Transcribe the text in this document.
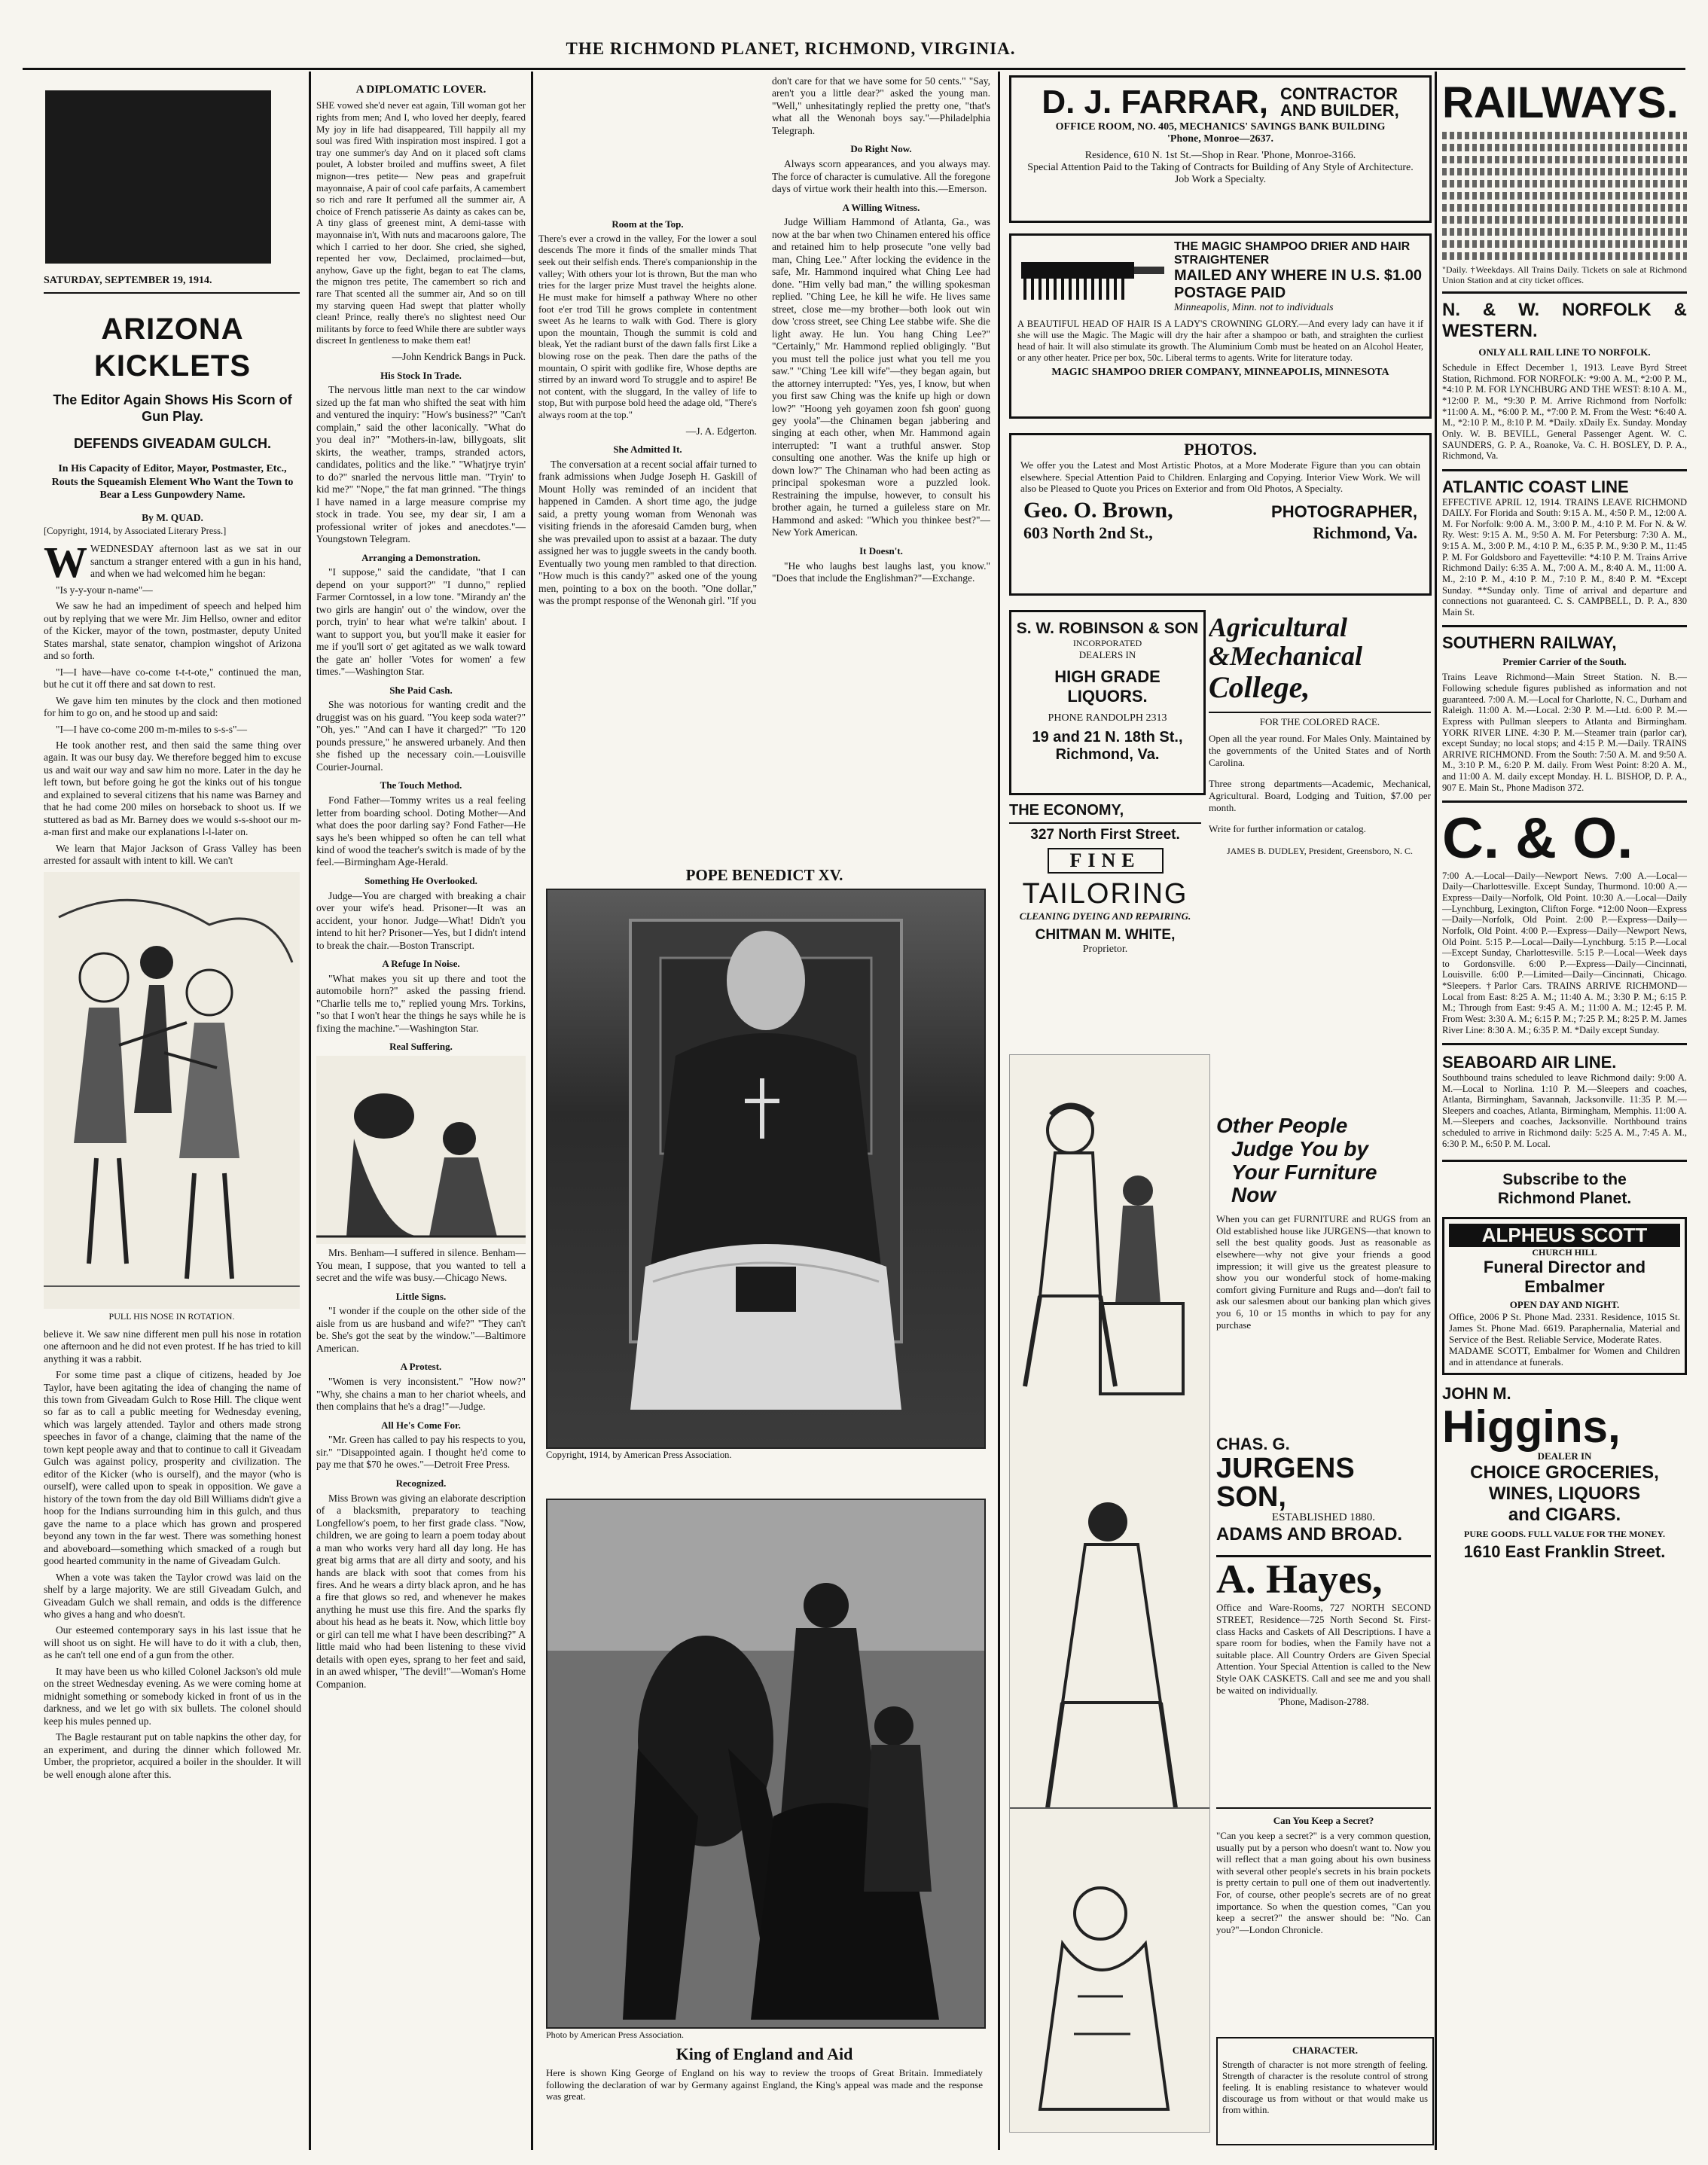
THE RICHMOND PLANET, RICHMOND, VIRGINIA.
SATURDAY, SEPTEMBER 19, 1914.
ARIZONA KICKLETS
The Editor Again Shows His Scorn of Gun Play.
DEFENDS GIVEADAM GULCH.
In His Capacity of Editor, Mayor, Postmaster, Etc., Routs the Squeamish Element Who Want the Town to Bear a Less Gunpowdery Name.
By M. QUAD.
[Copyright, 1914, by Associated Literary Press.]

WWEDNESDAY afternoon last as we sat in our sanctum a stranger entered with a gun in his hand, and when we had welcomed him he began:

"Is y-y-your n-name"—

We saw he had an impediment of speech and helped him out by replying that we were Mr. Jim Hellso, owner and editor of the Kicker, mayor of the town, postmaster, deputy United States marshal, state senator, champion wingshot of Arizona and so forth.

"I—I have—have co-come t-t-t-ote," continued the man, but he cut it off there and sat down to rest.

We gave him ten minutes by the clock and then motioned for him to go on, and he stood up and said:

"I—I have co-come 200 m-m-miles to s-s-s"—

He took another rest, and then said the same thing over again. It was our busy day. We therefore begged him to excuse us and wait our way and saw him no more. Later in the day he left town, but before going he got the kinks out of his tongue and explained to several citizens that his name was Barney and that he had come 200 miles on horseback to shoot us. If we stuttered as bad as Mr. Barney does we would s-s-shoot our m-a-man first and make our explanations l-l-later on.

We learn that Major Jackson of Grass Valley has been arrested for assault with intent to kill. We can't

PULL HIS NOSE IN ROTATION.

believe it. We saw nine different men pull his nose in rotation one afternoon and he did not even protest. If he has tried to kill anything it was a rabbit.

For some time past a clique of citizens, headed by Joe Taylor, have been agitating the idea of changing the name of this town from Giveadam Gulch to Rose Hill. The clique went so far as to call a public meeting for Wednesday evening, which was largely attended. Taylor and others made strong speeches in favor of a change, claiming that the name of the town kept people away and that to continue to call it Giveadam Gulch was against policy, prosperity and civilization. The editor of the Kicker (who is ourself), and the mayor (who is ourself), were called upon to speak in opposition. We gave a history of the town from the day old Bill Williams didn't give a hoop for the Indians surrounding him in this gulch, and thus gave the name to a place which has grown and prospered beyond any town in the far west. There was something honest and aboveboard—something which smacked of a rough but good hearted community in the name of Giveadam Gulch.

When a vote was taken the Taylor crowd was laid on the shelf by a large majority. We are still Giveadam Gulch, and Giveadam Gulch we shall remain, and odds is the difference who gives a hang and who doesn't.

Our esteemed contemporary says in his last issue that he will shoot us on sight. He will have to do it with a club, then, as he can't tell one end of a gun from the other.

It may have been us who killed Colonel Jackson's old mule on the street Wednesday evening. As we were coming home at midnight something or somebody kicked in front of us in the darkness, and we let go with six bullets. The colonel should keep his mules penned up.

The Bagle restaurant put on table napkins the other day, for an experiment, and during the dinner which followed Mr. Umber, the proprietor, acquired a boiler in the shoulder. It will be well enough alone after this.

A DIPLOMATIC LOVER.

SHE vowed she'd never eat again, Till woman got her rights from men; And I, who loved her deeply, feared My joy in life had disappeared, Till happily all my soul was fired With inspiration most inspired. I got a tray one summer's day And on it placed soft clams poulet, A lobster broiled and muffins sweet, A filet mignon—tres petite— New peas and grapefruit mayonnaise, A pair of cool cafe parfaits, A camembert so rich and rare It perfumed all the summer air, A choice of French patisserie As dainty as cakes can be, A tiny glass of greenest mint, A demi-tasse with mayonnaise in't, With nuts and macaroons galore, The which I carried to her door. She cried, she sighed, repented her vow, Declaimed, proclaimed—but, anyhow, Gave up the fight, began to eat The clams, the mignon tres petite, The camembert so rich and rare That scented all the summer air, And so on till my starving queen Had swept that platter wholly clean! Prince, really there's no slightest need Our militants by force to feed While there are subtler ways discreet In gentleness to make them eat!

—John Kendrick Bangs in Puck.
His Stock In Trade.

The nervous little man next to the car window sized up the fat man who shifted the seat with him and ventured the inquiry: "How's business?" "Can't complain," said the other laconically. "What do you deal in?" "Mothers-in-law, billygoats, slit skirts, the weather, tramps, stranded actors, candidates, politics and the like." "Whatjrye tryin' to do?" snarled the nervous little man. "Tryin' to kid me?" "Nope," the fat man grinned. "The things I have named in a large measure comprise my stock in trade. You see, my dear sir, I am a professional writer of jokes and anecdotes."—Youngstown Telegram.

Arranging a Demonstration.

"I suppose," said the candidate, "that I can depend on your support?" "I dunno," replied Farmer Corntossel, in a low tone. "Mirandy an' the two girls are hangin' out o' the window, over the porch, tryin' to hear what we're talkin' about. I want to support you, but you'll make it easier for me if you'll sort o' get agitated as we walk toward the gate an' holler 'Votes for women' a few times."—Washington Star.

She Paid Cash.

She was notorious for wanting credit and the druggist was on his guard. "You keep soda water?" "Oh, yes." "And can I have it charged?" "To 120 pounds pressure," he answered urbanely. And then she fished up the necessary coin.—Louisville Courier-Journal.

The Touch Method.

Fond Father—Tommy writes us a real feeling letter from boarding school. Doting Mother—And what does the poor darling say? Fond Father—He says he's been whipped so often he can tell what kind of wood the teacher's switch is made of by the feel.—Birmingham Age-Herald.

Something He Overlooked.

Judge—You are charged with breaking a chair over your wife's head. Prisoner—It was an accident, your honor. Judge—What! Didn't you intend to hit her? Prisoner—Yes, but I didn't intend to break the chair.—Boston Transcript.

A Refuge In Noise.

"What makes you sit up there and toot the automobile horn?" asked the passing friend. "Charlie tells me to," replied young Mrs. Torkins, "so that I won't hear the things he says while he is fixing the machine."—Washington Star.

Real Suffering.

Mrs. Benham—I suffered in silence. Benham—You mean, I suppose, that you wanted to tell a secret and the wife was busy.—Chicago News.

Little Signs.

"I wonder if the couple on the other side of the aisle from us are husband and wife?" "They can't be. She's got the seat by the window."—Baltimore American.

A Protest.

"Women is very inconsistent." "How now?" "Why, she chains a man to her chariot wheels, and then complains that he's a drag!"—Judge.

All He's Come For.

"Mr. Green has called to pay his respects to you, sir." "Disappointed again. I thought he'd come to pay me that $70 he owes."—Detroit Free Press.

Recognized.

Miss Brown was giving an elaborate description of a blacksmith, preparatory to teaching Longfellow's poem, to her first grade class. "Now, children, we are going to learn a poem today about a man who works very hard all day long. He has great big arms that are all dirty and sooty, and his hands are black with soot that comes from his fires. And he wears a dirty black apron, and he has a fire that glows so red, and whenever he makes anything he must use this fire. And the sparks fly about his head as he beats it. Now, which little boy or girl can tell me what I have been describing?" A little maid who had been listening to these vivid details with open eyes, sprang to her feet and said, in an awed whisper, "The devil!"—Woman's Home Companion.

Room at the Top.

There's ever a crowd in the valley, For the lower a soul descends The more it finds of the smaller minds That seek out their selfish ends. There's companionship in the valley; With others your lot is thrown, But the man who tries for the larger prize Must travel the heights alone. He must make for himself a pathway Where no other foot e'er trod Till he grows complete in contentment sweet As he learns to walk with God. There is glory upon the mountain, Though the summit is cold and bleak, Yet the radiant burst of the dawn falls first Like a blowing rose on the peak. Then dare the paths of the mountain, O spirit with godlike fire, Whose depths are stirred by an inward word To struggle and to aspire! Be not content, with the sluggard, In the valley of life to stop, But with purpose bold heed the adage old, "There's always room at the top."

—J. A. Edgerton.
She Admitted It.

The conversation at a recent social affair turned to frank admissions when Judge Joseph H. Gaskill of Mount Holly was reminded of an incident that happened in Camden. A short time ago, the judge said, a pretty young woman from Wenonah was visiting friends in the aforesaid Camden burg, when she was prevailed upon to assist at a bazaar. The duty assigned her was to juggle sweets in the candy booth. Eventually two young men rambled to that direction. "How much is this candy?" asked one of the young men, pointing to a box on the booth. "One dollar," was the prompt response of the Wenonah girl. "If you

don't care for that we have some for 50 cents." "Say, aren't you a little dear?" asked the young man. "Well," unhesitatingly replied the pretty one, "that's what all the Wenonah boys say."—Philadelphia Telegraph.

Do Right Now.

Always scorn appearances, and you always may. The force of character is cumulative. All the foregone days of virtue work their health into this.—Emerson.

A Willing Witness.

Judge William Hammond of Atlanta, Ga., was now at the bar when two Chinamen entered his office and retained him to help prosecute "one velly bad man, Ching Lee." After locking the evidence in the safe, Mr. Hammond inquired what Ching Lee had done. "Him velly bad man," the willing spokesman replied. "Ching Lee, he kill he wife. He lives same street, close me—my brother—both look out win dow 'cross street, see Ching Lee stabbe wife. She die light away. He lun. You hang Ching Lee?" "Certainly," Mr. Hammond replied obligingly. "But you must tell the police just what you tell me you saw." "Ching 'Lee kill wife"—they began again, but the attorney interrupted: "Yes, yes, I know, but when you first saw Ching was the knife up high or down low?" "Hoong yeh goyamen zoon fsh goon' guong gey yoola"—the Chinamen began jabbering and singing at each other, when Mr. Hammond again interrupted: "I want a truthful answer. Stop consulting one another. Was the knife up high or down low?" The Chinaman who had been acting as principal spokesman wore a puzzled look. Restraining the impulse, however, to consult his brother again, he turned a guileless stare on Mr. Hammond and asked: "Which you thinkee best?"—New York American.

It Doesn't.

"He who laughs best laughs last, you know." "Does that include the Englishman?"—Exchange.

POPE BENEDICT XV.
Copyright, 1914, by American Press Association.
Photo by American Press Association.
King of England and Aid
Here is shown King George of England on his way to review the troops of Great Britain. Immediately following the declaration of war by Germany against England, the King's appeal was made and the response was great.
D. J. FARRAR, CONTRACTOR
AND BUILDER,
OFFICE ROOM, NO. 405, MECHANICS' SAVINGS BANK BUILDING
'Phone, Monroe—2637.
Residence, 610 N. 1st St.—Shop in Rear. 'Phone, Monroe-3166.
Special Attention Paid to the Taking of Contracts for Building of Any Style of Architecture. Job Work a Specialty.
THE MAGIC SHAMPOO DRIER AND HAIR STRAIGHTENER
MAILED ANY WHERE IN U.S. $1.00 POSTAGE PAID
Minneapolis, Minn. not to individuals
A BEAUTIFUL HEAD OF HAIR IS A LADY'S CROWNING GLORY.—And every lady can have it if she will use the Magic. The Magic will dry the hair after a shampoo or bath, and straighten the curliest head of hair. It will also stimulate its growth. The Aluminium Comb must be heated on an Alcohol Heater, or any other heater. Price per box, 50c. Liberal terms to agents. Write for literature today.
MAGIC SHAMPOO DRIER COMPANY, MINNEAPOLIS, MINNESOTA
PHOTOS.
We offer you the Latest and Most Artistic Photos, at a More Moderate Figure than you can obtain elsewhere. Special Attention Paid to Children. Enlarging and Copying. Interior View Work. We will also be Pleased to Quote you Prices on Exterior and from Old Photos, A Specialty.
Geo. O. Brown,	PHOTOGRAPHER,
603 North 2nd St.,	Richmond, Va.
S. W. ROBINSON & SON
INCORPORATED
DEALERS IN
HIGH GRADE
LIQUORS.
PHONE RANDOLPH 2313
19 and 21 N. 18th St.,
Richmond, Va.
THE ECONOMY,
327 North First Street.
FINE
TAILORING
CLEANING DYEING AND REPAIRING.
CHITMAN M. WHITE,
Proprietor.
Agricultural
&Mechanical
College,
FOR THE COLORED RACE.
Open all the year round. For Males Only. Maintained by the governments of the United States and of North Carolina.
Three strong departments—Academic, Mechanical, Agricultural. Board, Lodging and Tuition, $7.00 per month.
Write for further information or catalog.
JAMES B. DUDLEY, President, Greensboro, N. C.
Other People
Judge You by
Your Furniture
Now
When you can get FURNITURE and RUGS from an Old established house like JURGENS—that known to sell the best quality goods. Just as reasonable as elsewhere—why not give your friends a good impression; it will give us the greatest pleasure to show you our wonderful stock of home-making comfort giving Furniture and Rugs and—don't fail to ask our salesmen about our banking plan which gives you 6, 10 or 15 months in which to pay for any purchase
CHAS. G.
JURGENS SON,
ESTABLISHED 1880.
ADAMS AND BROAD.
A. Hayes,
Office and Ware-Rooms, 727 NORTH SECOND STREET, Residence—725 North Second St. First-class Hacks and Caskets of All Descriptions. I have a spare room for bodies, when the Family have not a suitable place. All Country Orders are Given Special Attention. Your Special Attention is called to the New Style OAK CASKETS. Call and see me and you shall be waited on individually.
'Phone, Madison-2788.
Can You Keep a Secret?
"Can you keep a secret?" is a very common question, usually put by a person who doesn't want to. Now you will reflect that a man going about his own business with several other people's secrets in his brain pockets is pretty certain to pull one of them out inadvertently. For, of course, other people's secrets are of no great importance. So when the question comes, "Can you keep a secret?" the answer should be: "No. Can you?"—London Chronicle.
CHARACTER.
Strength of character is not more strength of feeling. Strength of character is the resolute control of strong feeling. It is enabling resistance to whatever would discourage us from without or that would make us from within.
RAILWAYS.
"Daily. †Weekdays. All Trains Daily. Tickets on sale at Richmond Union Station and at city ticket offices.
N. & W. NORFOLK & WESTERN.
ONLY ALL RAIL LINE TO NORFOLK.
Schedule in Effect December 1, 1913. Leave Byrd Street Station, Richmond. FOR NORFOLK: *9:00 A. M., *2:00 P. M., *4:10 P. M. FOR LYNCHBURG AND THE WEST: 8:10 A. M., *12:00 P. M., *9:30 P. M. Arrive Richmond from Norfolk: *11:00 A. M., *6:00 P. M., *7:00 P. M. From the West: *6:40 A. M., *2:10 P. M., 8:10 P. M. *Daily. xDaily Ex. Sunday. Monday Only. W. B. BEVILL, General Passenger Agent. W. C. SAUNDERS, G. P. A., Roanoke, Va. C. H. BOSLEY, D. P. A., Richmond, Va.
ATLANTIC COAST LINE
EFFECTIVE APRIL 12, 1914. TRAINS LEAVE RICHMOND DAILY. For Florida and South: 9:15 A. M., 4:50 P. M., 12:00 A. M. For Norfolk: 9:00 A. M., 3:00 P. M., 4:10 P. M. For N. & W. Ry. West: 9:15 A. M., 9:50 A. M. For Petersburg: 7:30 A. M., 9:15 A. M., 3:00 P. M., 4:10 P. M., 6:35 P. M., 9:30 P. M., 11:45 P. M. For Goldsboro and Fayetteville: *4:10 P. M. Trains Arrive Richmond Daily: 6:35 A. M., 7:00 A. M., 8:40 A. M., 11:00 A. M., 2:10 P. M., 4:10 P. M., 7:10 P. M., 8:40 P. M. *Except Sunday. **Sunday only. Time of arrival and departure and connections not guaranteed. C. S. CAMPBELL, D. P. A., 830 Main St.
SOUTHERN RAILWAY,
Premier Carrier of the South.
Trains Leave Richmond—Main Street Station. N. B.—Following schedule figures published as information and not guaranteed. 7:00 A. M.—Local for Charlotte, N. C., Durham and Raleigh. 11:00 A. M.—Local. 2:30 P. M.—Ltd. 6:00 P. M.—Express with Pullman sleepers to Atlanta and Birmingham. YORK RIVER LINE. 4:30 P. M.—Steamer train (parlor car), except Sunday; no local stops; and 4:15 P. M.—Daily. TRAINS ARRIVE RICHMOND. From the South: 7:50 A. M. and 9:50 A. M., 3:10 P. M., 6:20 P. M. daily. From West Point: 8:20 A. M., and 11:00 A. M. daily except Monday. H. L. BISHOP, D. P. A., 907 E. Main St., Phone Madison 372.
C. & O.
7:00 A.—Local—Daily—Newport News. 7:00 A.—Local—Daily—Charlottesville. Except Sunday, Thurmond. 10:00 A.—Express—Daily—Norfolk, Old Point. 10:30 A.—Local—Daily—Lynchburg, Lexington, Clifton Forge. *12:00 Noon—Express—Daily—Norfolk, Old Point. 2:00 P.—Express—Daily—Norfolk, Old Point. 4:00 P.—Express—Daily—Newport News, Old Point. 5:15 P.—Local—Daily—Lynchburg. 5:15 P.—Local—Except Sunday, Charlottesville. 5:15 P.—Local—Week days to Gordonsville. 6:00 P.—Express—Daily—Cincinnati, Louisville. 6:00 P.—Limited—Daily—Cincinnati, Chicago. *Sleepers. †Parlor Cars. TRAINS ARRIVE RICHMOND—Local from East: 8:25 A. M.; 11:40 A. M.; 3:30 P. M.; 6:15 P. M.; Through from East: 9:45 A. M.; 11:00 A. M.; 12:45 P. M. From West: 3:30 A. M.; 6:15 P. M.; 7:25 P. M.; 8:25 P. M. James River Line: 8:30 A. M.; 6:35 P. M. *Daily except Sunday.
SEABOARD AIR LINE.
Southbound trains scheduled to leave Richmond daily: 9:00 A. M.—Local to Norlina. 1:10 P. M.—Sleepers and coaches, Atlanta, Birmingham, Savannah, Jacksonville. 11:35 P. M.—Sleepers and coaches, Atlanta, Birmingham, Memphis. 11:00 A. M.—Sleepers and coaches, Jacksonville. Northbound trains scheduled to arrive in Richmond daily: 5:25 A. M., 7:45 A. M., 6:30 P. M., 6:50 P. M. Local.
Subscribe to the
Richmond Planet.
ALPHEUS SCOTT
CHURCH HILL
Funeral Director and
Embalmer
OPEN DAY AND NIGHT.
Office, 2006 P St. Phone Mad. 2331. Residence, 1015 St. James St. Phone Mad. 6619. Paraphernalia, Material and Service of the Best. Reliable Service, Moderate Rates.
MADAME SCOTT, Embalmer for Women and Children and in attendance at funerals.
JOHN M.
Higgins,
DEALER IN
CHOICE GROCERIES,
WINES, LIQUORS
and CIGARS.
PURE GOODS. FULL VALUE FOR THE MONEY.
1610 East Franklin Street.
